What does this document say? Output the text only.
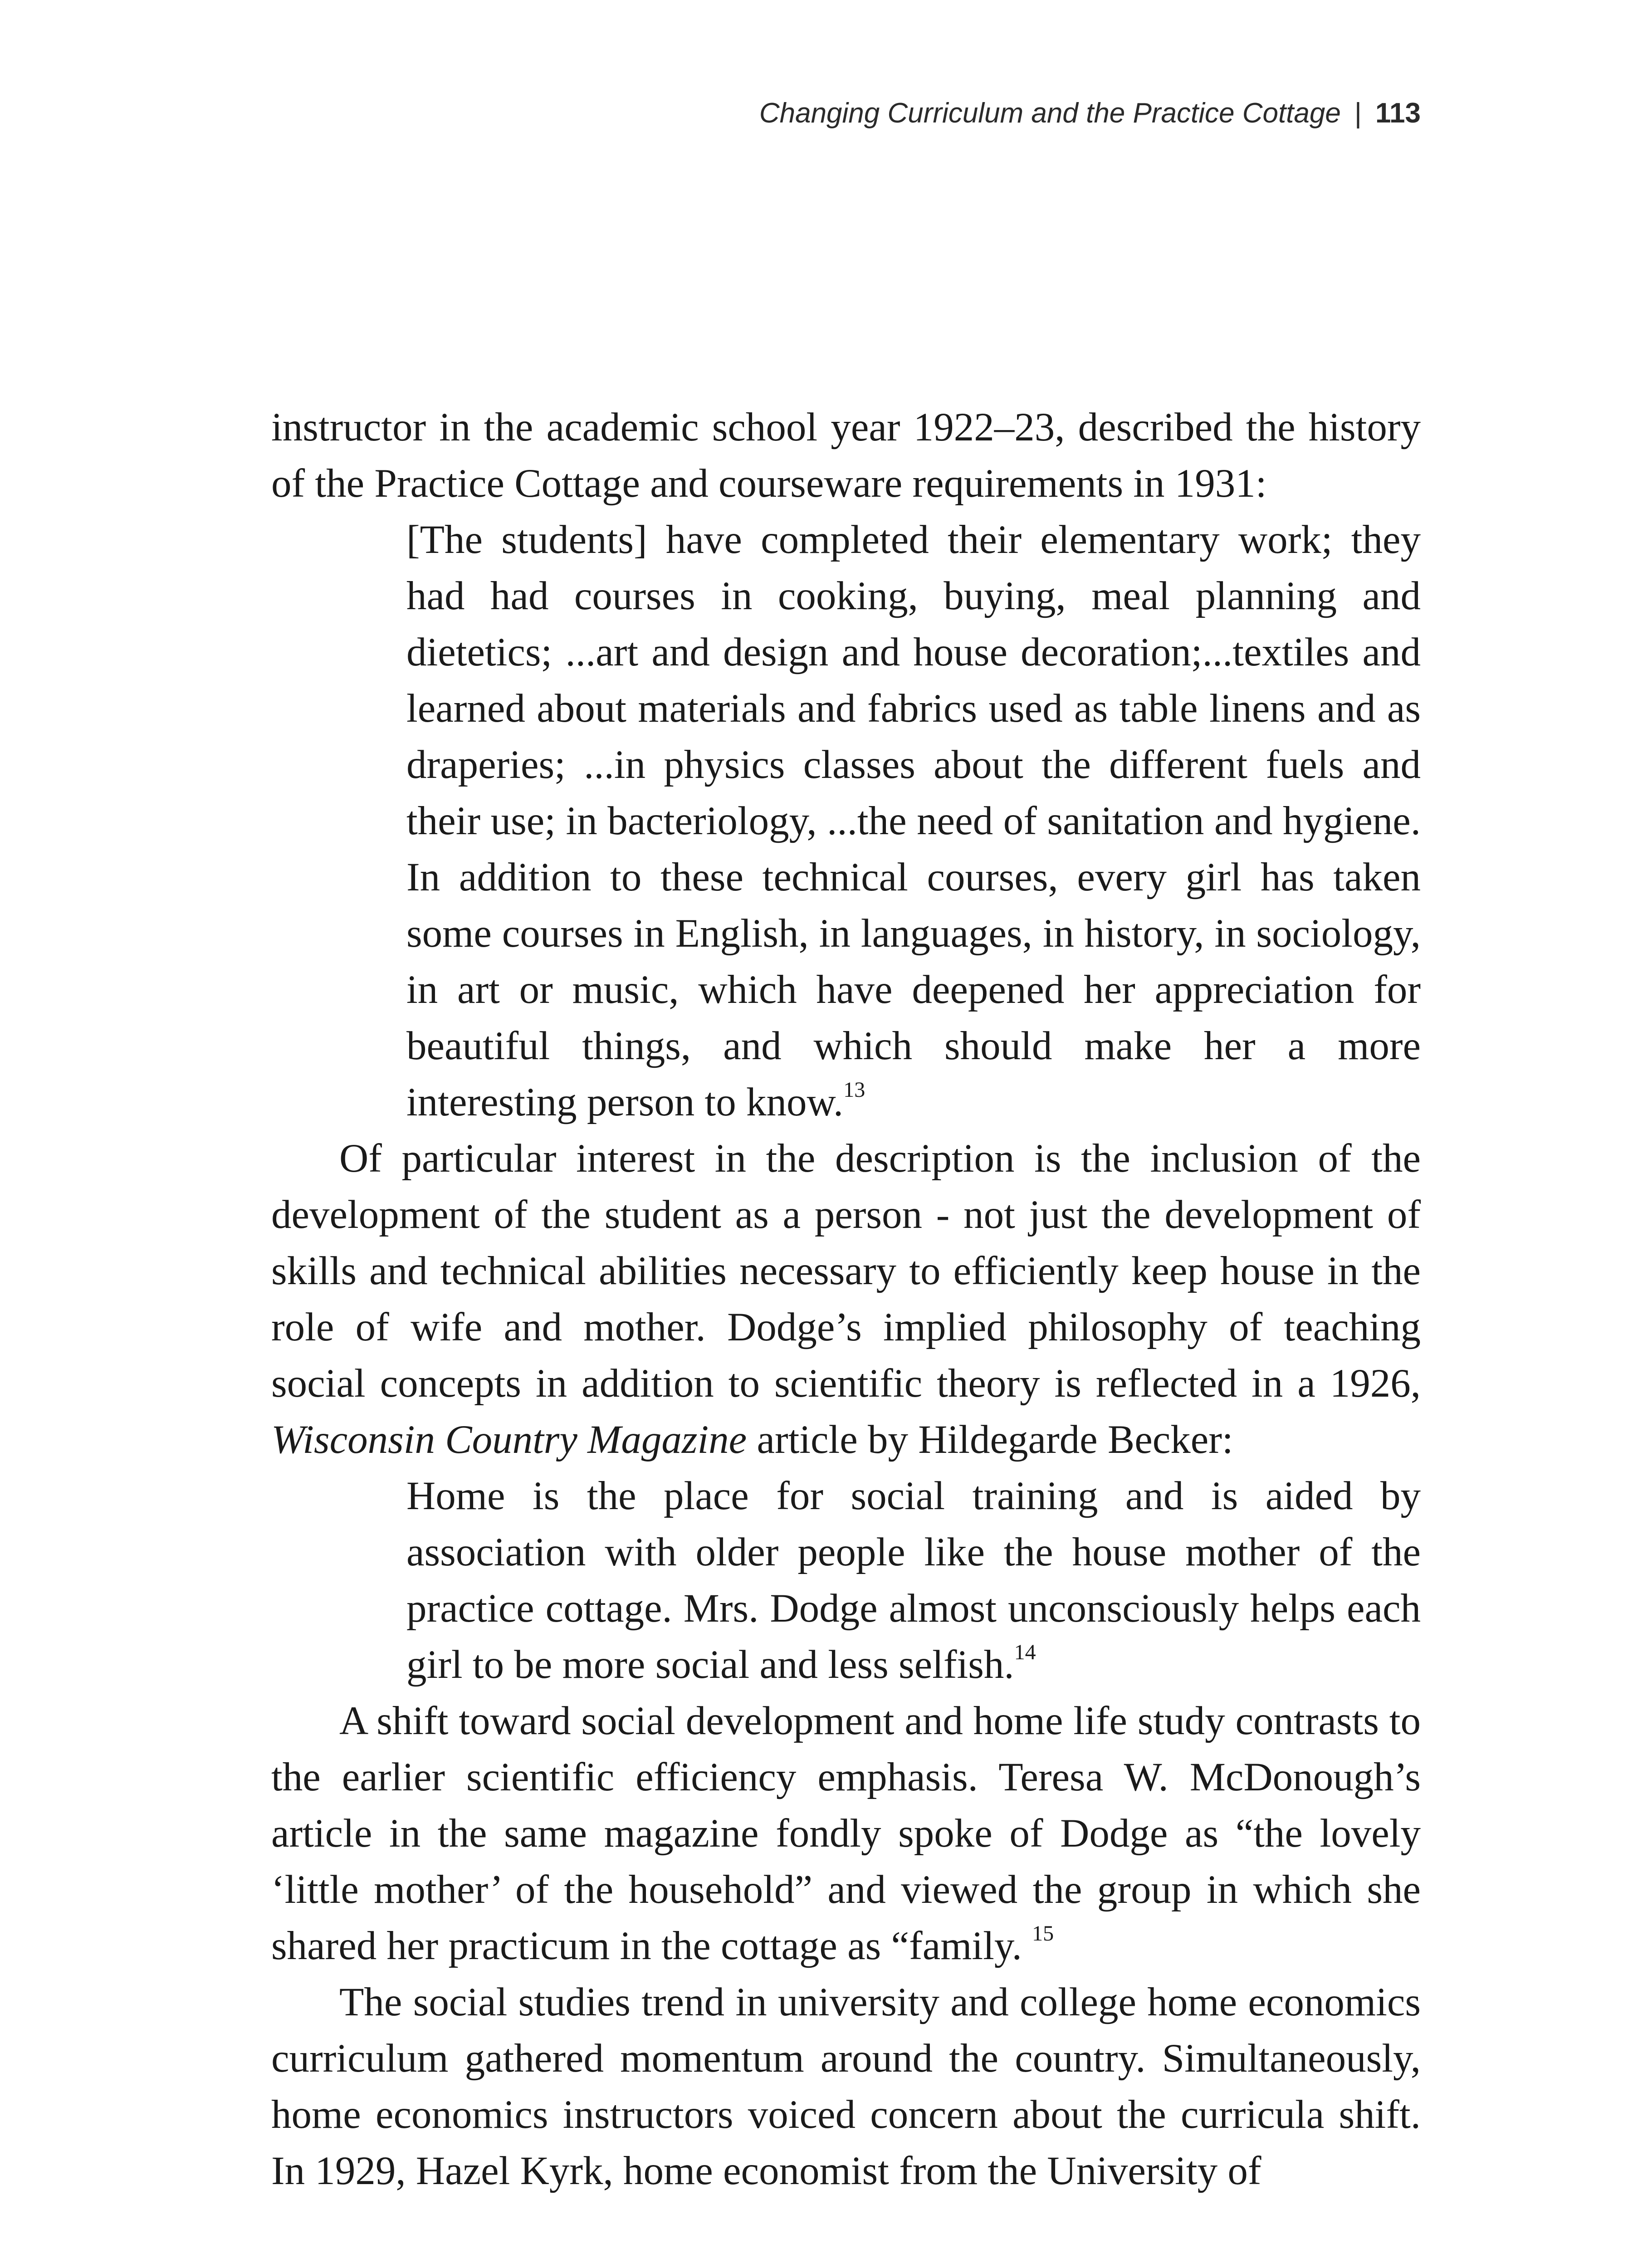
Changing Curriculum and the Practice Cottage | 113

instructor in the academic school year 1922–23, described the history of the Practice Cottage and courseware requirements in 1931:

[The students] have completed their elementary work; they had had courses in cooking, buying, meal planning and dietetics; ...art and design and house decoration;...textiles and learned about materials and fabrics used as table linens and as draperies; ...in physics classes about the different fuels and their use; in bacteriology, ...the need of sanitation and hygiene. In addition to these technical courses, every girl has taken some courses in English, in languages, in history, in sociology, in art or music, which have deepened her appreciation for beautiful things, and which should make her a more interesting person to know.$^{13}$

Of particular interest in the description is the inclusion of the development of the student as a person - not just the development of skills and technical abilities necessary to efficiently keep house in the role of wife and mother. Dodge’s implied philosophy of teaching social concepts in addition to scientific theory is reflected in a 1926, Wisconsin Country Magazine article by Hildegarde Becker:

Home is the place for social training and is aided by association with older people like the house mother of the practice cottage. Mrs. Dodge almost unconsciously helps each girl to be more social and less selfish.$^{14}$

A shift toward social development and home life study contrasts to the earlier scientific efficiency emphasis. Teresa W. McDonough’s article in the same magazine fondly spoke of Dodge as “the lovely ‘little mother’ of the household” and viewed the group in which she shared her practicum in the cottage as “family. $^{15}$

The social studies trend in university and college home economics curriculum gathered momentum around the country. Simultaneously, home economics instructors voiced concern about the curricula shift. In 1929, Hazel Kyrk, home economist from the University of
